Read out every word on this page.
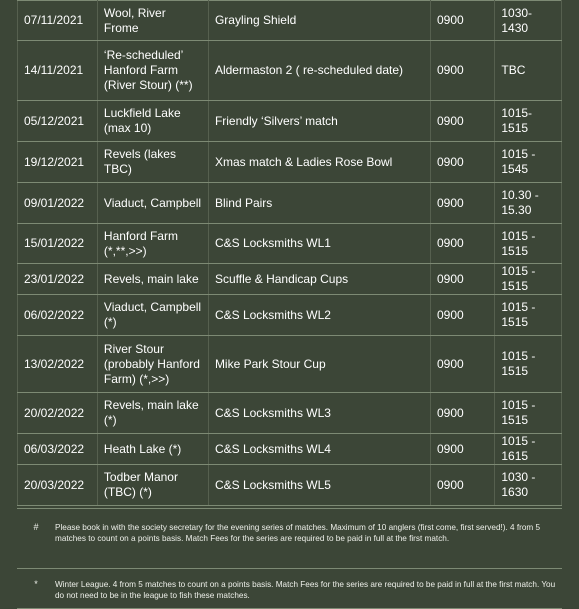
07/11/2021	Wool, River Frome	Grayling Shield	0900	1030-1430
14/11/2021	‘Re-scheduled’ Hanford Farm (River Stour) (**)	Aldermaston 2 ( re-scheduled date)	0900	TBC
05/12/2021	Luckfield Lake (max 10)	Friendly ‘Silvers’ match	0900	1015-1515
19/12/2021	Revels (lakes TBC)	Xmas match & Ladies Rose Bowl	0900	1015 - 1545
09/01/2022	Viaduct, Campbell	Blind Pairs	0900	10.30 - 15.30
15/01/2022	Hanford Farm (*,**,>>)	C&S Locksmiths WL1	0900	1015 - 1515
23/01/2022	Revels, main lake	Scuffle & Handicap Cups	0900	1015 - 1515
06/02/2022	Viaduct, Campbell (*)	C&S Locksmiths WL2	0900	1015 - 1515
13/02/2022	River Stour (probably Hanford Farm) (*,>>)	Mike Park Stour Cup	0900	1015 - 1515
20/02/2022	Revels, main lake (*)	C&S Locksmiths WL3	0900	1015 - 1515
06/03/2022	Heath Lake (*)	C&S Locksmiths WL4	0900	1015 - 1615
20/03/2022	Todber Manor (TBC) (*)	C&S Locksmiths WL5	0900	1030 - 1630
#	Please book in with the society secretary for the evening series of matches. Maximum of 10 anglers (first come, first served!). 4 from 5 matches to count on a points basis. Match Fees for the series are required to be paid in full at the first match.
*	Winter League. 4 from 5 matches to count on a points basis. Match Fees for the series are required to be paid in full at the first match. You do not need to be in the league to fish these matches.
